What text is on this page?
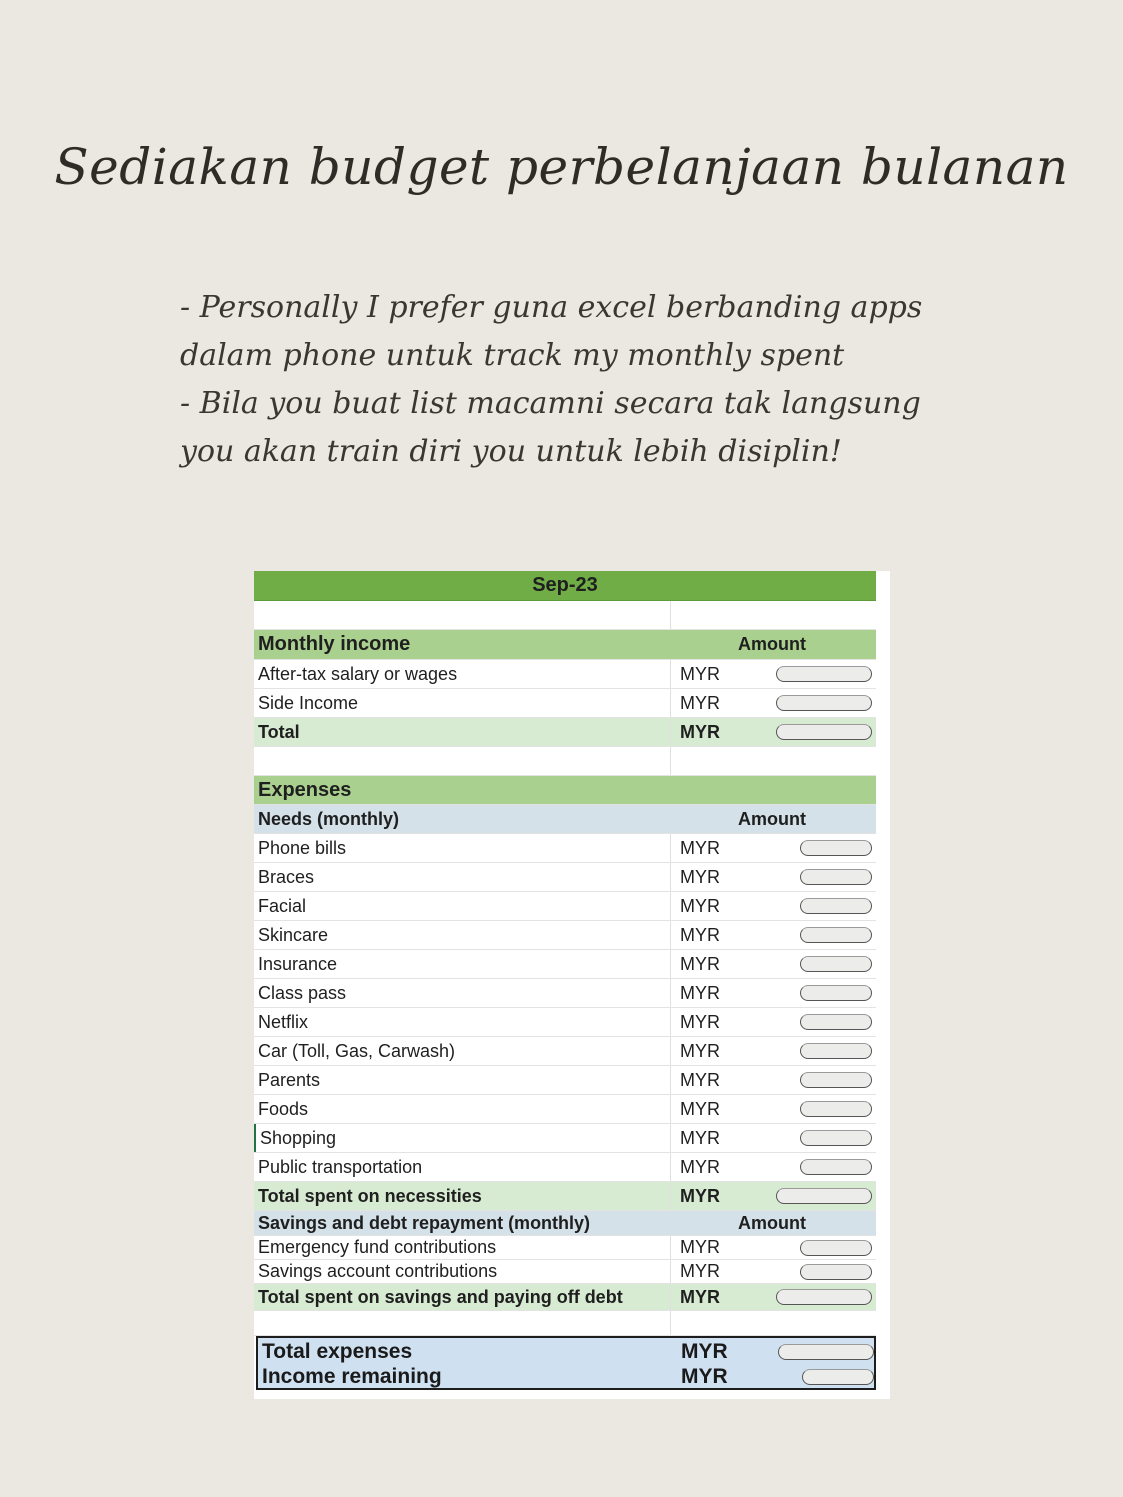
Sediakan budget perbelanjaan bulanan

- Personally I prefer guna excel berbanding apps dalam phone untuk track my monthly spent

- Bila you buat list macamni secara tak langsung you akan train diri you untuk lebih disiplin!

Sep-23
Monthly income	Amount
After-tax salary or wages	MYR
Side Income	MYR
Total	MYR
Expenses
Needs (monthly)	Amount
Phone bills	MYR
Braces	MYR
Facial	MYR
Skincare	MYR
Insurance	MYR
Class pass	MYR
Netflix	MYR
Car (Toll, Gas, Carwash)	MYR
Parents	MYR
Foods	MYR
Shopping	MYR
Public transportation	MYR
Total spent on necessities	MYR
Savings and debt repayment (monthly)	Amount
Emergency fund contributions	MYR
Savings account contributions	MYR
Total spent on savings and paying off debt	MYR
Total expenses	MYR
Income remaining	MYR
